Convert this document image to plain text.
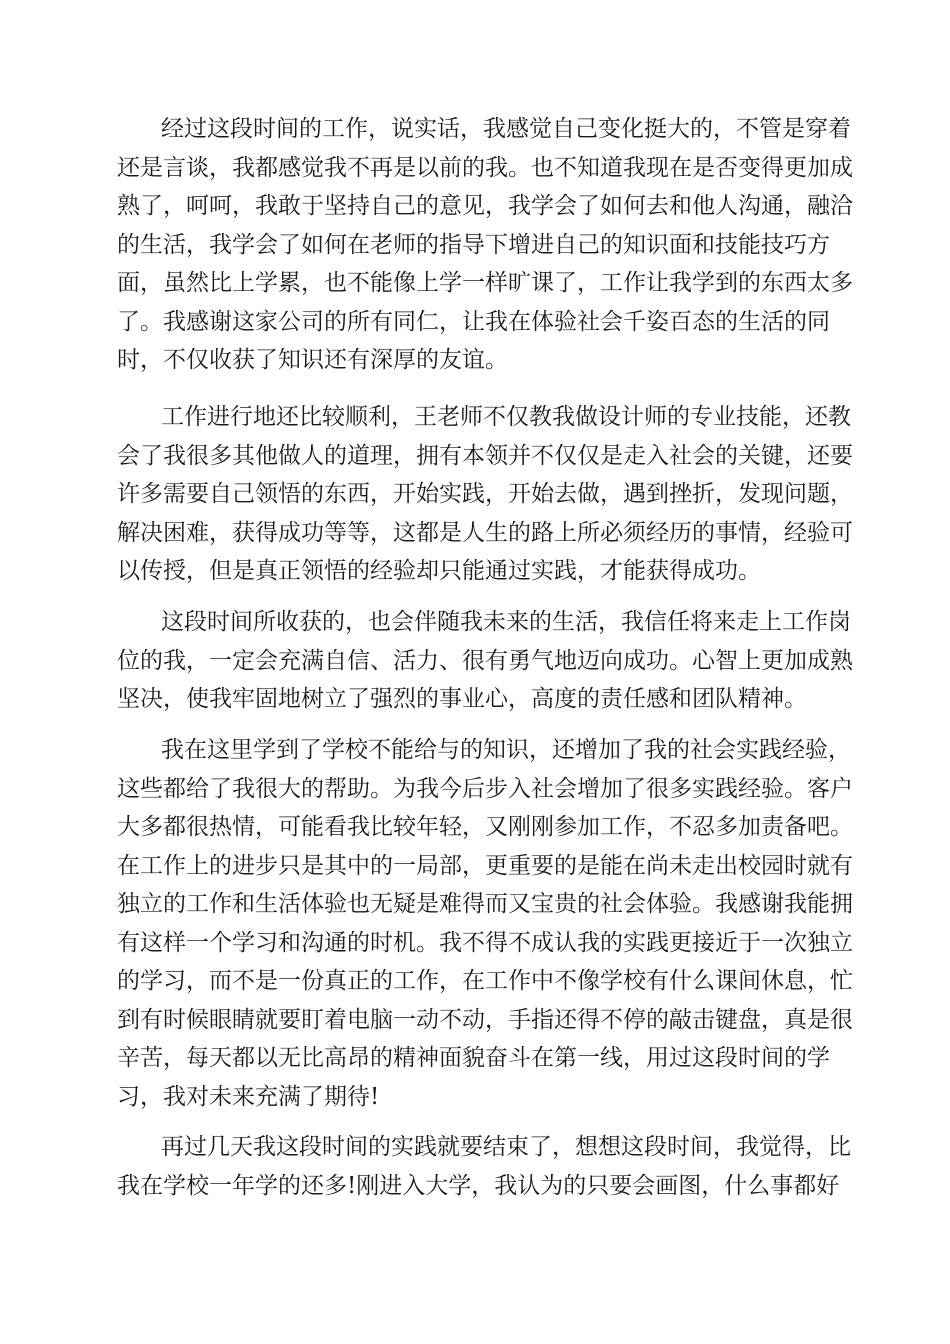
经过这段时间的工作，说实话，我感觉自己变化挺大的，不管是穿着
还是言谈，我都感觉我不再是以前的我。也不知道我现在是否变得更加成
熟了，呵呵，我敢于坚持自己的意见，我学会了如何去和他人沟通，融洽
的生活，我学会了如何在老师的指导下增进自己的知识面和技能技巧方
面，虽然比上学累，也不能像上学一样旷课了，工作让我学到的东西太多
了。我感谢这家公司的所有同仁，让我在体验社会千姿百态的生活的同
时，不仅收获了知识还有深厚的友谊。

工作进行地还比较顺利，王老师不仅教我做设计师的专业技能，还教
会了我很多其他做人的道理，拥有本领并不仅仅是走入社会的关键，还要
许多需要自己领悟的东西，开始实践，开始去做，遇到挫折，发现问题，
解决困难，获得成功等等，这都是人生的路上所必须经历的事情，经验可
以传授，但是真正领悟的经验却只能通过实践，才能获得成功。

这段时间所收获的，也会伴随我未来的生活，我信任将来走上工作岗
位的我，一定会充满自信、活力、很有勇气地迈向成功。心智上更加成熟
坚决，使我牢固地树立了强烈的事业心，高度的责任感和团队精神。

我在这里学到了学校不能给与的知识，还增加了我的社会实践经验，
这些都给了我很大的帮助。为我今后步入社会增加了很多实践经验。客户
大多都很热情，可能看我比较年轻，又刚刚参加工作，不忍多加责备吧。
在工作上的进步只是其中的一局部，更重要的是能在尚未走出校园时就有
独立的工作和生活体验也无疑是难得而又宝贵的社会体验。我感谢我能拥
有这样一个学习和沟通的时机。我不得不成认我的实践更接近于一次独立
的学习，而不是一份真正的工作，在工作中不像学校有什么课间休息，忙
到有时候眼睛就要盯着电脑一动不动，手指还得不停的敲击键盘，真是很
辛苦，每天都以无比高昂的精神面貌奋斗在第一线，用过这段时间的学
习，我对未来充满了期待!

再过几天我这段时间的实践就要结束了，想想这段时间，我觉得，比
我在学校一年学的还多!刚进入大学，我认为的只要会画图，什么事都好
